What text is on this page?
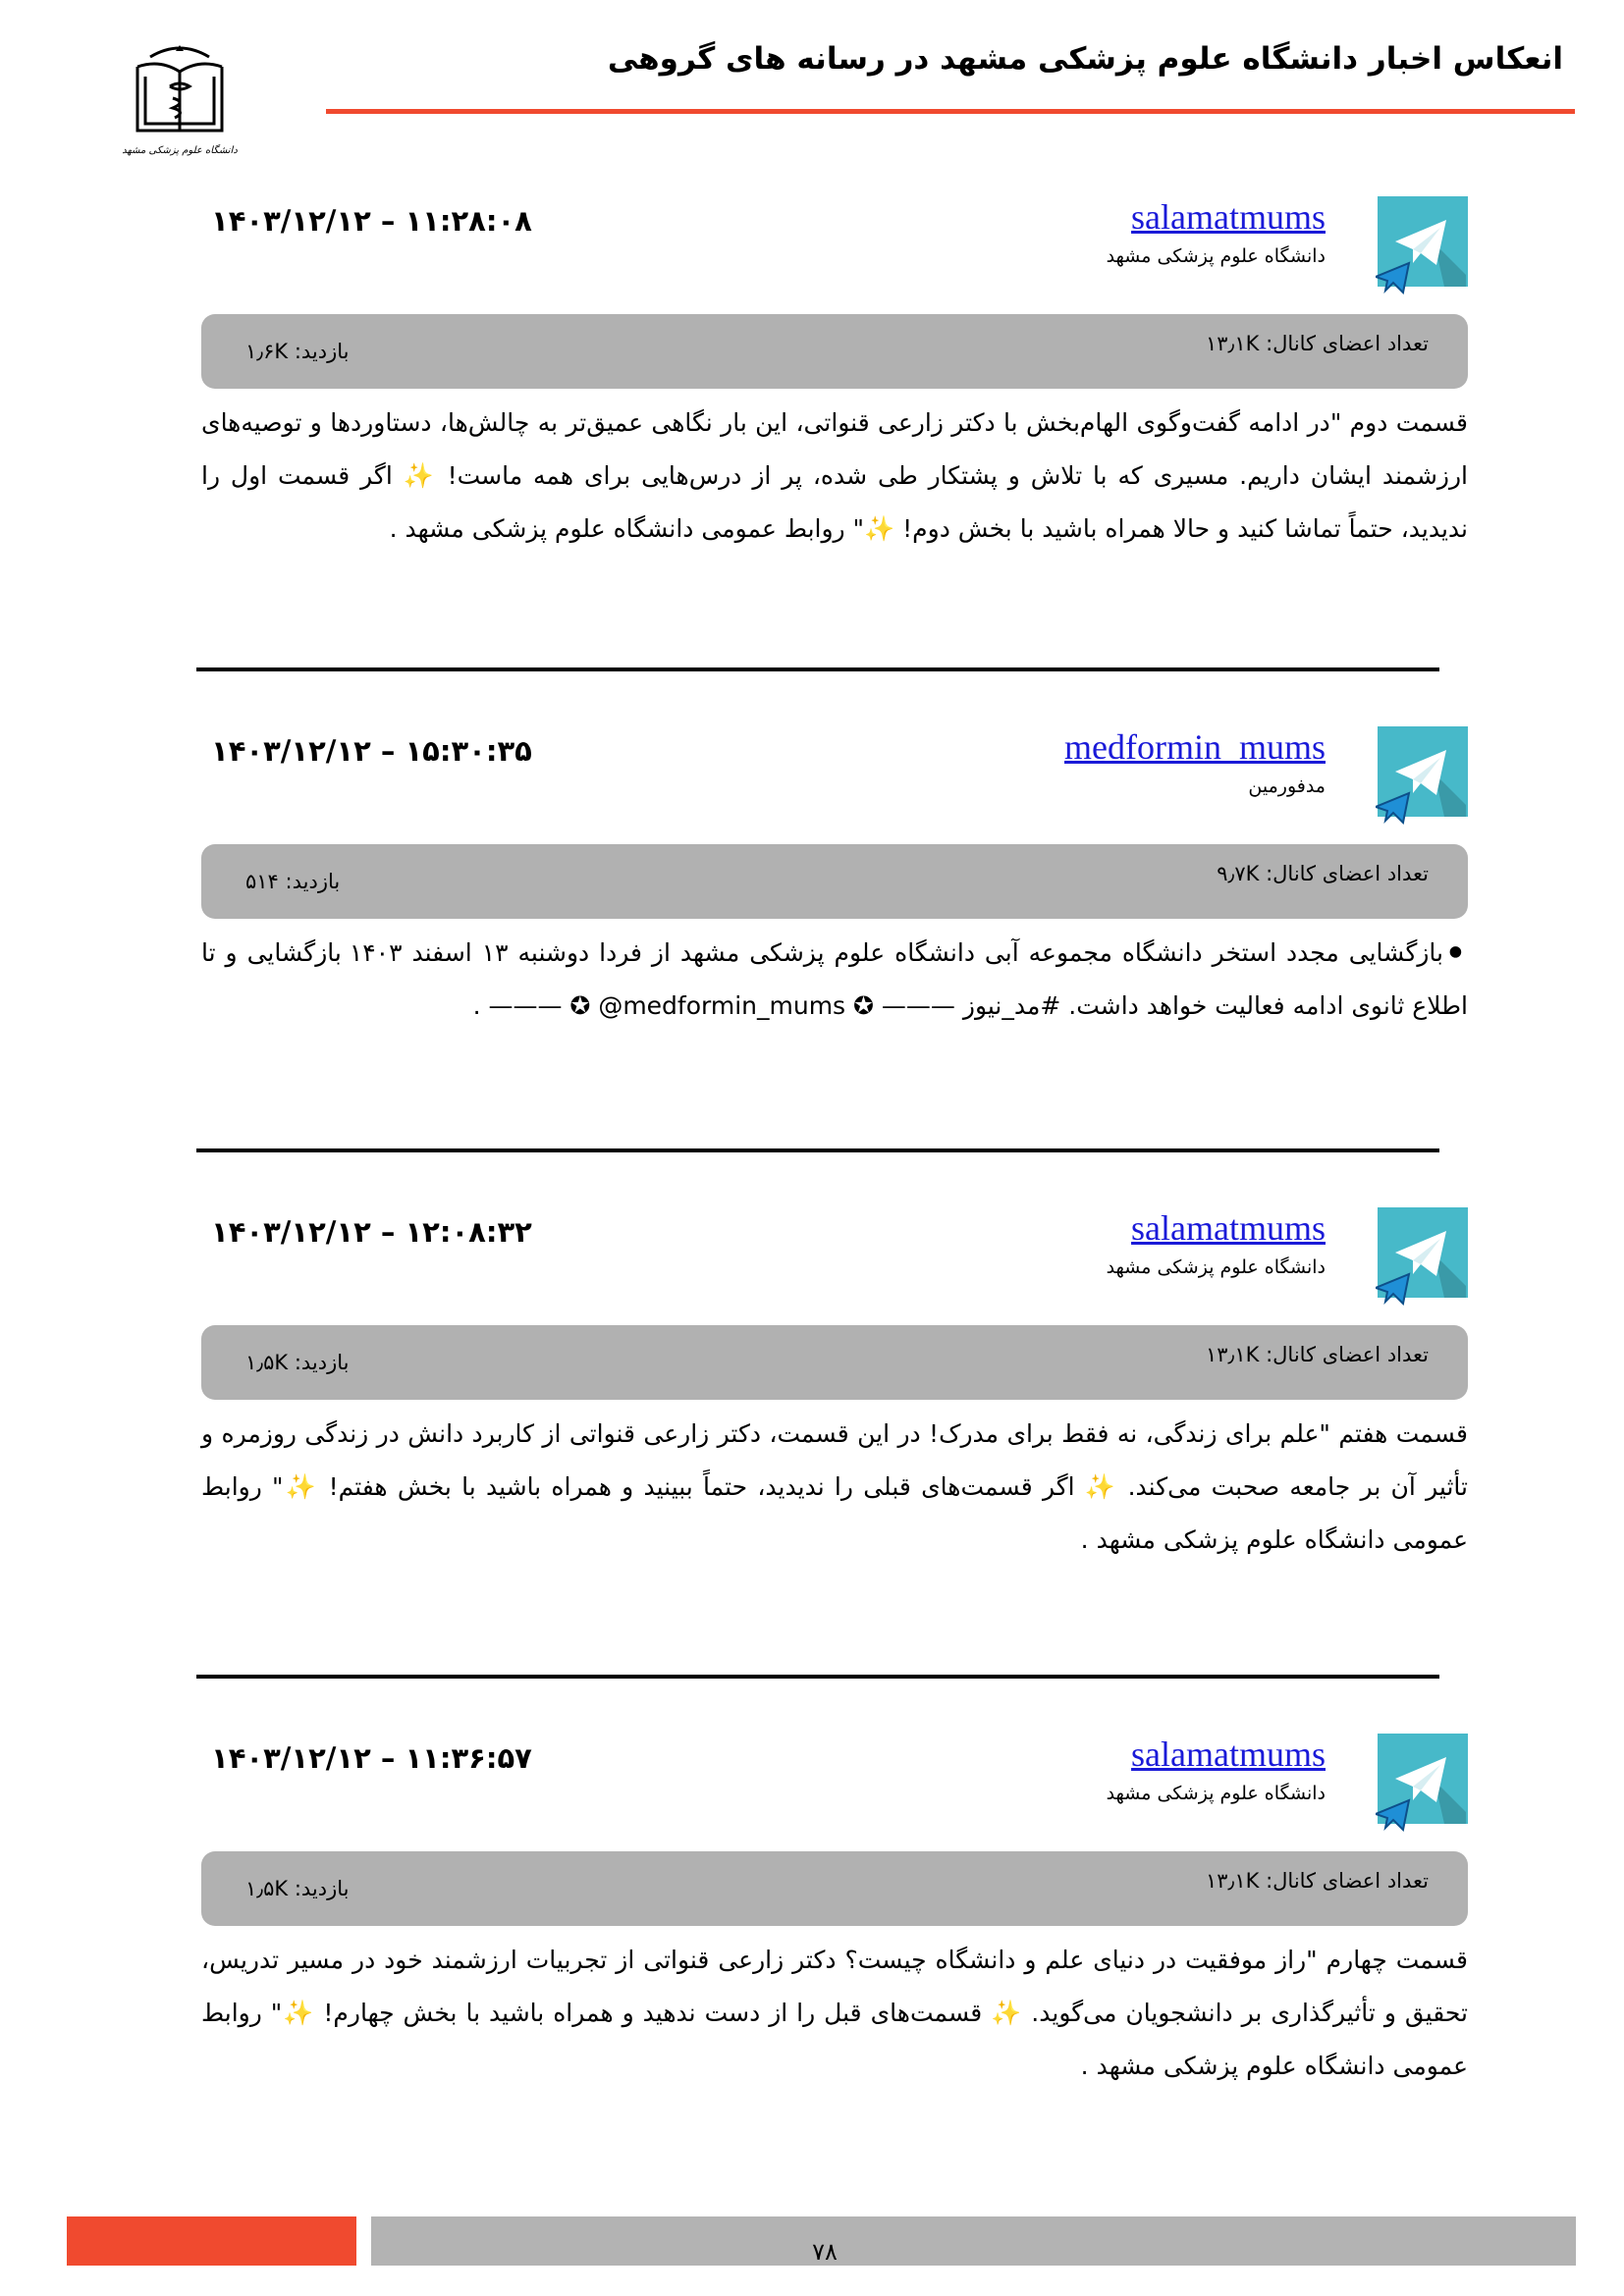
انعکاس اخبار دانشگاه علوم پزشکی مشهد در رسانه های گروهی
دانشگاه علوم پزشکی مشهد
salamatmums
دانشگاه علوم پزشکی مشهد
۱۴۰۳/۱۲/۱۲ – ۱۱:۲۸:۰۸
تعداد اعضای کانال: ۱۳٫۱K
بازدید: ۱٫۶K
قسمت دوم "در ادامه گفت‌وگوی الهام‌بخش با دکتر زارعی قنواتی، این بار نگاهی عمیق‌تر به چالش‌ها، دستاوردها و توصیه‌های ارزشمند ایشان داریم. مسیری که با تلاش و پشتکار طی شده، پر از درس‌هایی برای همه ماست! ✨ اگر قسمت اول را ندیدید، حتماً تماشا کنید و حالا همراه باشید با بخش دوم! ✨" روابط عمومی دانشگاه علوم پزشکی مشهد .
medformin_mums
مدفورمین
۱۴۰۳/۱۲/۱۲ – ۱۵:۳۰:۳۵
تعداد اعضای کانال: ۹٫۷K
بازدید: ۵۱۴
⚫بازگشایی مجدد استخر دانشگاه مجموعه آبی دانشگاه علوم پزشکی مشهد از فردا دوشنبه ۱۳ اسفند ۱۴۰۳ بازگشایی و تا اطلاع ثانوی ادامه فعالیت خواهد داشت. #مد_نیوز ——— ✪ medformin_mums@ ✪ ——— .
salamatmums
دانشگاه علوم پزشکی مشهد
۱۴۰۳/۱۲/۱۲ – ۱۲:۰۸:۳۲
تعداد اعضای کانال: ۱۳٫۱K
بازدید: ۱٫۵K
قسمت هفتم "علم برای زندگی، نه فقط برای مدرک! در این قسمت، دکتر زارعی قنواتی از کاربرد دانش در زندگی روزمره و تأثیر آن بر جامعه صحبت می‌کند. ✨ اگر قسمت‌های قبلی را ندیدید، حتماً ببینید و همراه باشید با بخش هفتم! ✨" روابط عمومی دانشگاه علوم پزشکی مشهد .
salamatmums
دانشگاه علوم پزشکی مشهد
۱۴۰۳/۱۲/۱۲ – ۱۱:۳۶:۵۷
تعداد اعضای کانال: ۱۳٫۱K
بازدید: ۱٫۵K
قسمت چهارم "راز موفقیت در دنیای علم و دانشگاه چیست؟ دکتر زارعی قنواتی از تجربیات ارزشمند خود در مسیر تدریس، تحقیق و تأثیرگذاری بر دانشجویان می‌گوید. ✨ قسمت‌های قبل را از دست ندهید و همراه باشید با بخش چهارم! ✨" روابط عمومی دانشگاه علوم پزشکی مشهد .
۷۸
